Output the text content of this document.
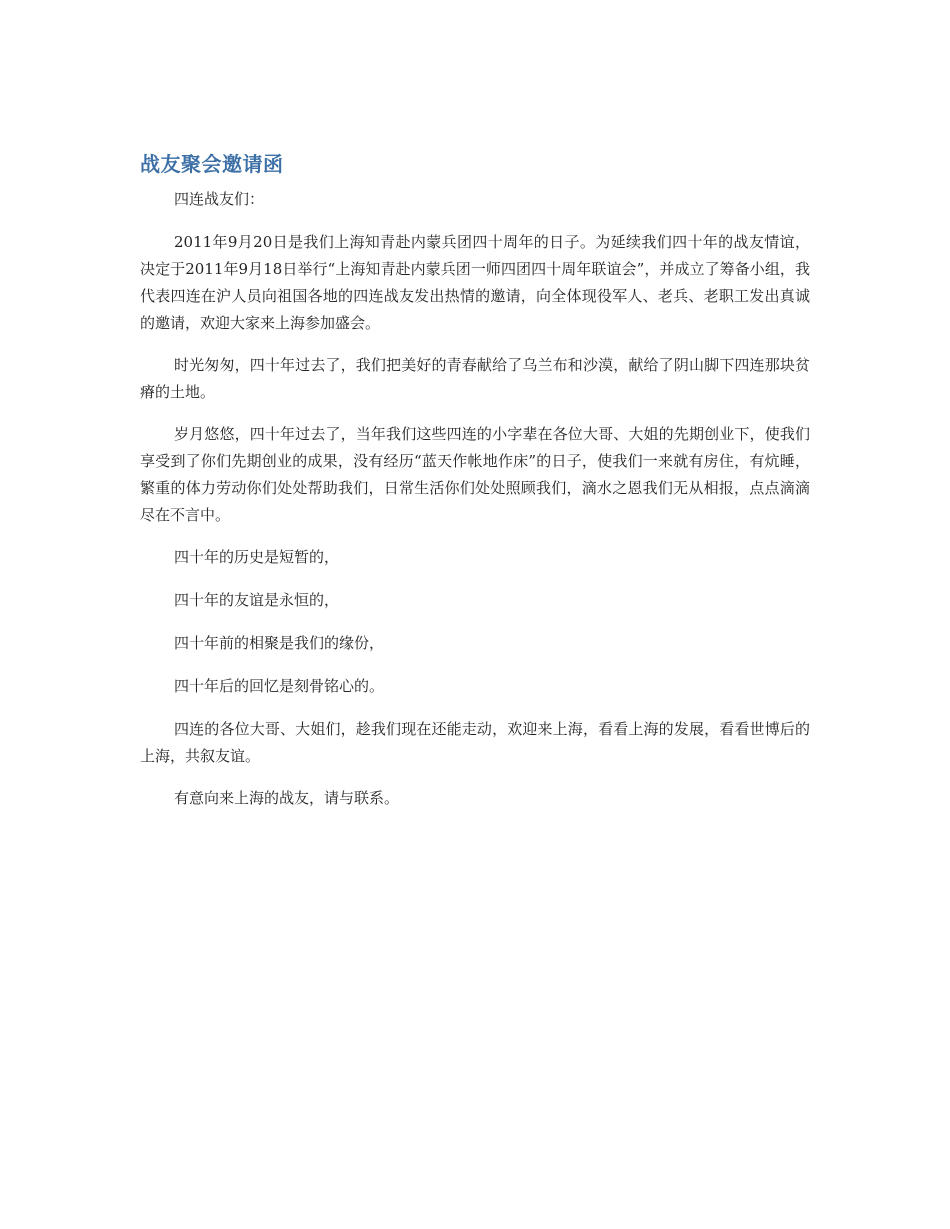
战友聚会邀请函

四连战友们：

2011年9月20日是我们上海知青赴内蒙兵团四十周年的日子。为延续我们四十年的战友情谊，决定于2011年9月18日举行“上海知青赴内蒙兵团一师四团四十周年联谊会”，并成立了筹备小组，我代表四连在沪人员向祖国各地的四连战友发出热情的邀请，向全体现役军人、老兵、老职工发出真诚的邀请，欢迎大家来上海参加盛会。

时光匆匆，四十年过去了，我们把美好的青春献给了乌兰布和沙漠，献给了阴山脚下四连那块贫瘠的土地。

岁月悠悠，四十年过去了，当年我们这些四连的小字辈在各位大哥、大姐的先期创业下，使我们享受到了你们先期创业的成果，没有经历“蓝天作帐地作床”的日子，使我们一来就有房住，有炕睡，繁重的体力劳动你们处处帮助我们，日常生活你们处处照顾我们，滴水之恩我们无从相报，点点滴滴尽在不言中。

四十年的历史是短暂的，

四十年的友谊是永恒的，

四十年前的相聚是我们的缘份，

四十年后的回忆是刻骨铭心的。

四连的各位大哥、大姐们，趁我们现在还能走动，欢迎来上海，看看上海的发展，看看世博后的上海，共叙友谊。

有意向来上海的战友，请与联系。
